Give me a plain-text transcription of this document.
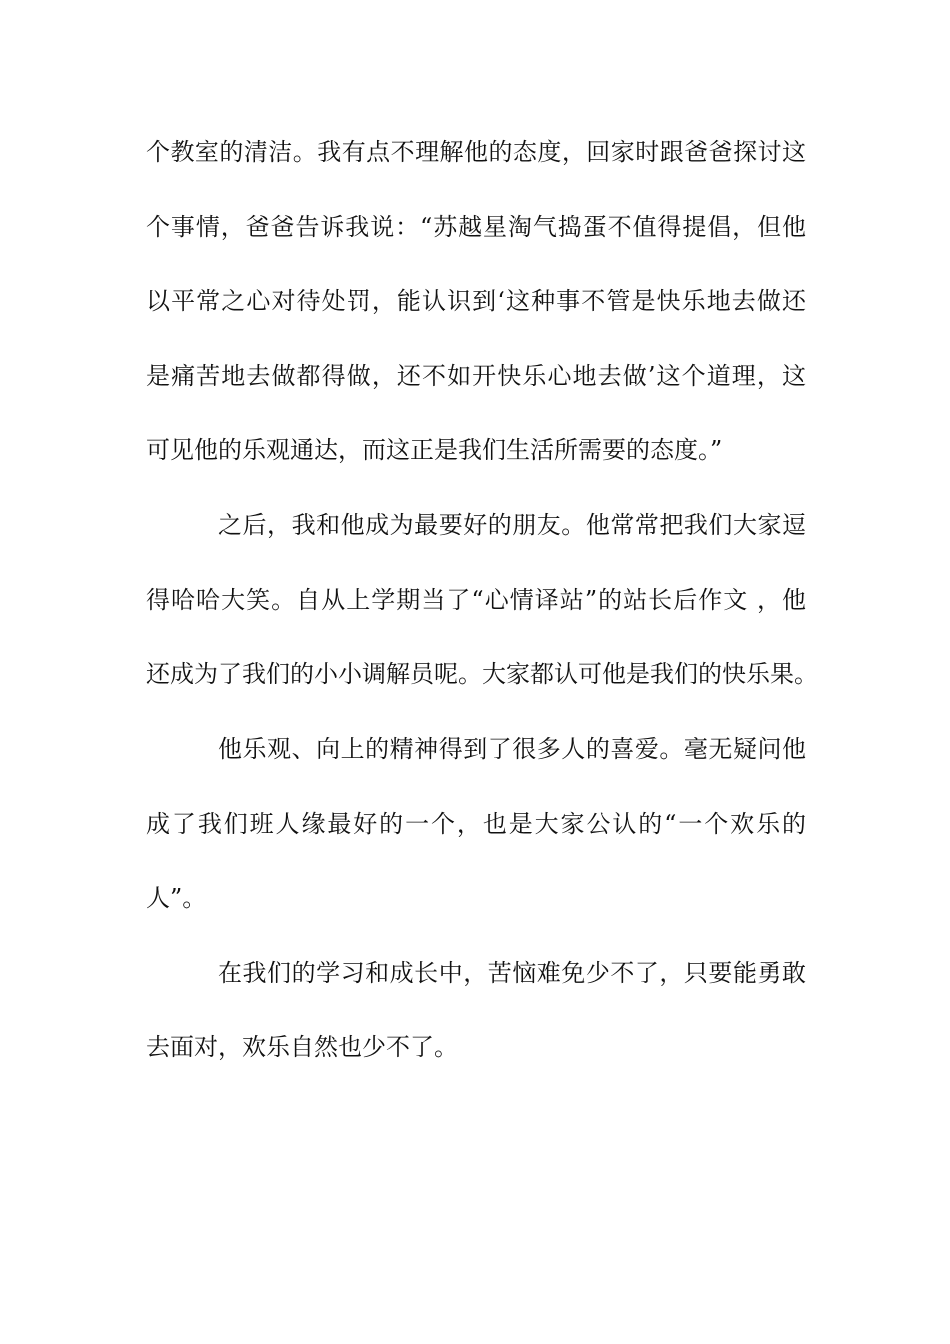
个教室的清洁。我有点不理解他的态度，回家时跟爸爸探讨这
个事情，爸爸告诉我说：“苏越星淘气捣蛋不值得提倡，但他
以平常之心对待处罚，能认识到‘这种事不管是快乐地去做还
是痛苦地去做都得做，还不如开快乐心地去做’这个道理，这
可见他的乐观通达，而这正是我们生活所需要的态度。”
之后，我和他成为最要好的朋友。他常常把我们大家逗
得哈哈大笑。自从上学期当了“心情译站”的站长后作文 ，他
还成为了我们的小小调解员呢。大家都认可他是我们的快乐果。
他乐观、向上的精神得到了很多人的喜爱。毫无疑问他
成了我们班人缘最好的一个，也是大家公认的“一个欢乐的
人”。
在我们的学习和成长中，苦恼难免少不了，只要能勇敢
去面对，欢乐自然也少不了。
